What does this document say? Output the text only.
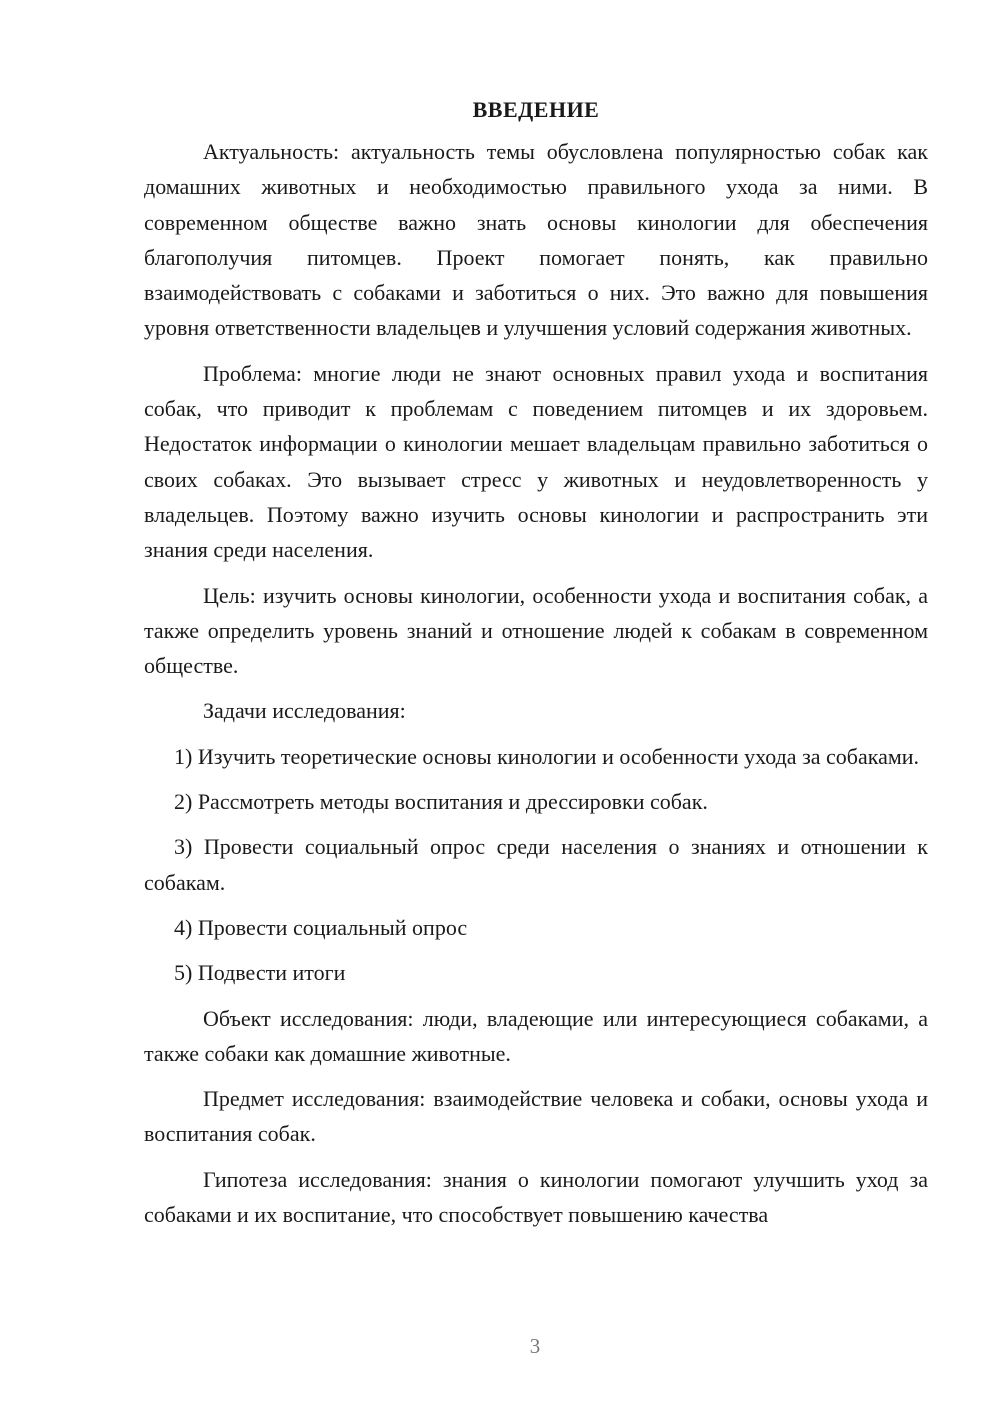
ВВЕДЕНИЕ

Актуальность: актуальность темы обусловлена популярностью собак как домашних животных и необходимостью правильного ухода за ними. В современном обществе важно знать основы кинологии для обеспечения благополучия питомцев. Проект помогает понять, как правильно взаимодействовать с собаками и заботиться о них. Это важно для повышения уровня ответственности владельцев и улучшения условий содержания животных.

Проблема: многие люди не знают основных правил ухода и воспитания собак, что приводит к проблемам с поведением питомцев и их здоровьем. Недостаток информации о кинологии мешает владельцам правильно заботиться о своих собаках. Это вызывает стресс у животных и неудовлетворенность у владельцев. Поэтому важно изучить основы кинологии и распространить эти знания среди населения.

Цель: изучить основы кинологии, особенности ухода и воспитания собак, а также определить уровень знаний и отношение людей к собакам в современном обществе.

Задачи исследования:

1) Изучить теоретические основы кинологии и особенности ухода за собаками.

2) Рассмотреть методы воспитания и дрессировки собак.

3) Провести социальный опрос среди населения о знаниях и отношении к собакам.

4) Провести социальный опрос

5) Подвести итоги

Объект исследования: люди, владеющие или интересующиеся собаками, а также собаки как домашние животные.

Предмет исследования: взаимодействие человека и собаки, основы ухода и воспитания собак.

Гипотеза исследования: знания о кинологии помогают улучшить уход за собаками и их воспитание, что способствует повышению качества

3
